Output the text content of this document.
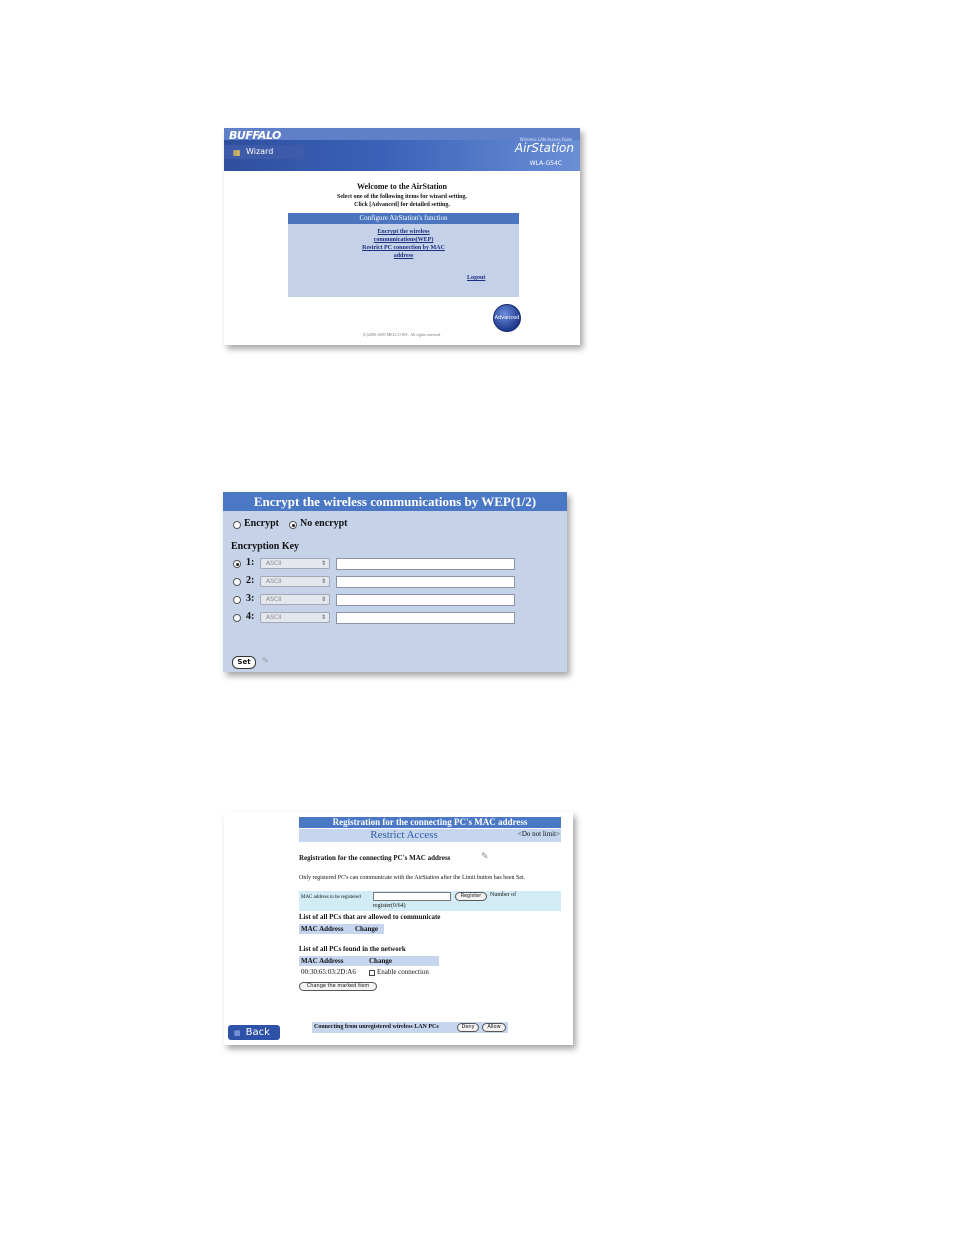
BUFFALO
▦ Wizard
Wireless LAN Access Point
AirStation
WLA-G54C
Welcome to the AirStation
Select one of the following items for wizard setting.
Click [Advanced] for detailed setting.
Configure AirStation's function
Encrypt the wireless
communications(WEP)
Restrict PC connection by MAC
address
Logout
Advanced
(C)2000-2003 MELCO INC. All rights reserved.
Encrypt the wireless communications by WEP(1/2)
Encrypt No encrypt
Encryption Key
1:	ASCII	⇕
2:	ASCII	⇕
3:	ASCII	⇕
4:	ASCII	⇕
Set	✎
Registration for the connecting PC's MAC address
Restrict Access	<Do not limit>
Registration for the connecting PC's MAC address	✎
Only registered PC's can communicate with the AirStation after the Limit button has been Set.
MAC address to be registered	Register	Number of
register(0/64)
List of all PCs that are allowed to communicate
MAC Address Change
List of all PCs found in the network
MAC Address	Change
00:30:65:03:2D:A6	Enable connection
Change the marked item
▦ Back	Connecting from unregistered wireless LAN PCs	Deny	Allow
